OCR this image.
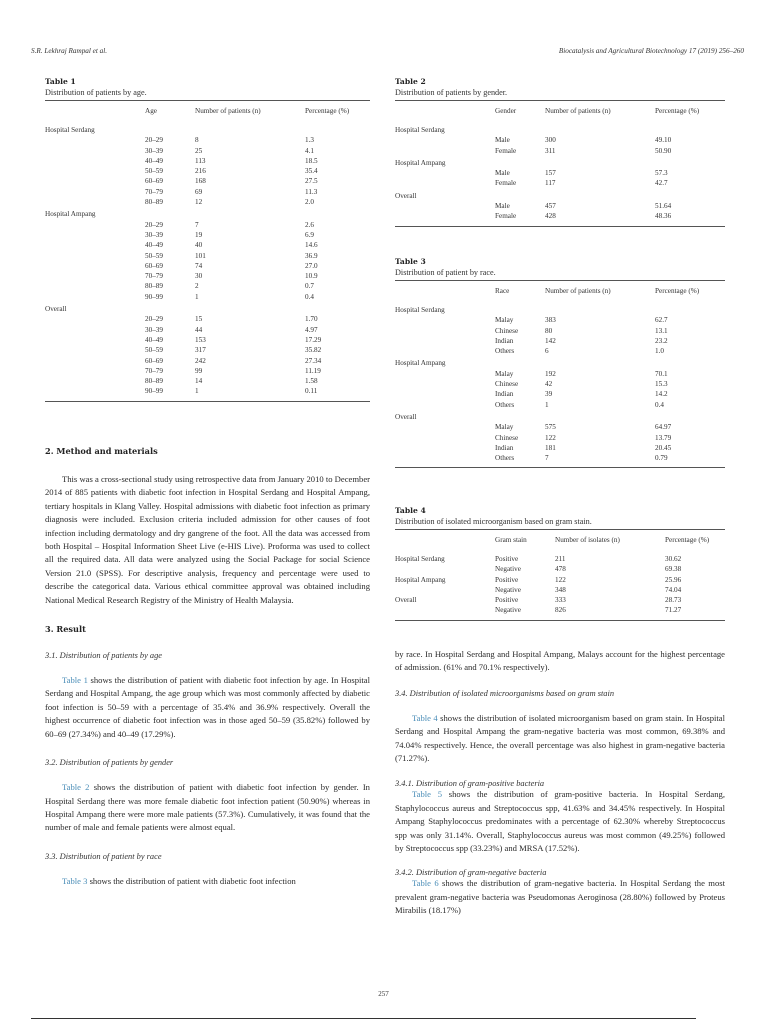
S.R. Lekhraj Rampal et al.	Biocatalysis and Agricultural Biotechnology 17 (2019) 256–260
Table 1
Distribution of patients by age.
	Age	Number of patients (n)	Percentage (%)
Hospital Serdang			
	20–29	8	1.3
	30–39	25	4.1
	40–49	113	18.5
	50–59	216	35.4
	60–69	168	27.5
	70–79	69	11.3
	80–89	12	2.0
Hospital Ampang			
	20–29	7	2.6
	30–39	19	6.9
	40–49	40	14.6
	50–59	101	36.9
	60–69	74	27.0
	70–79	30	10.9
	80–89	2	0.7
	90–99	1	0.4
Overall			
	20–29	15	1.70
	30–39	44	4.97
	40–49	153	17.29
	50–59	317	35.82
	60–69	242	27.34
	70–79	99	11.19
	80–89	14	1.58
	90–99	1	0.11
2. Method and materials

This was a cross-sectional study using retrospective data from January 2010 to December 2014 of 885 patients with diabetic foot infection in Hospital Serdang and Hospital Ampang, tertiary hospitals in Klang Valley. Hospital admissions with diabetic foot infection as primary diagnosis were included. Exclusion criteria included admission for other causes of foot infection including dermatology and dry gangrene of the foot. All the data was accessed from both Hospital – Hospital Information Sheet Live (e-HIS Live). Proforma was used to collect all the required data. All data were analyzed using the Social Package for social Science Version 21.0 (SPSS). For descriptive analysis, frequency and percentage were used to describe the categorical data. Various ethical committee approval was obtained including National Medical Research Registry of the Ministry of Health Malaysia.

3. Result
3.1. Distribution of patients by age

Table 1 shows the distribution of patient with diabetic foot infection by age. In Hospital Serdang and Hospital Ampang, the age group which was most commonly affected by diabetic foot infection is 50–59 with a percentage of 35.4% and 36.9% respectively. Overall the highest occurrence of diabetic foot infection was in those aged 50–59 (35.82%) followed by 60–69 (27.34%) and 40–49 (17.29%).

3.2. Distribution of patients by gender

Table 2 shows the distribution of patient with diabetic foot infection by gender. In Hospital Serdang there was more female diabetic foot infection patient (50.90%) whereas in Hospital Ampang there were more male patients (57.3%). Cumulatively, it was found that the number of male and female patients were almost equal.

3.3. Distribution of patient by race

Table 3 shows the distribution of patient with diabetic foot infection

Table 2
Distribution of patients by gender.
	Gender	Number of patients (n)	Percentage (%)
Hospital Serdang			
	Male	300	49.10
	Female	311	50.90
Hospital Ampang			
	Male	157	57.3
	Female	117	42.7
Overall			
	Male	457	51.64
	Female	428	48.36
Table 3
Distribution of patient by race.
	Race	Number of patients (n)	Percentage (%)
Hospital Serdang			
	Malay	383	62.7
	Chinese	80	13.1
	Indian	142	23.2
	Others	6	1.0
Hospital Ampang			
	Malay	192	70.1
	Chinese	42	15.3
	Indian	39	14.2
	Others	1	0.4
Overall			
	Malay	575	64.97
	Chinese	122	13.79
	Indian	181	20.45
	Others	7	0.79
Table 4
Distribution of isolated microorganism based on gram stain.
	Gram stain	Number of isolates (n)	Percentage (%)
Hospital Serdang	Positive	211	30.62
	Negative	478	69.38
Hospital Ampang	Positive	122	25.96
	Negative	348	74.04
Overall	Positive	333	28.73
	Negative	826	71.27

by race. In Hospital Serdang and Hospital Ampang, Malays account for the highest percentage of admission. (61% and 70.1% respectively).

3.4. Distribution of isolated microorganisms based on gram stain

Table 4 shows the distribution of isolated microorganism based on gram stain. In Hospital Serdang and Hospital Ampang the gram-negative bacteria was most common, 69.38% and 74.04% respectively. Hence, the overall percentage was also highest in gram-negative bacteria (71.27%).

3.4.1. Distribution of gram-positive bacteria

Table 5 shows the distribution of gram-positive bacteria. In Hospital Serdang, Staphylococcus aureus and Streptococcus spp, 41.63% and 34.45% respectively. In Hospital Ampang Staphylococcus predominates with a percentage of 62.30% whereby Streptococcus spp was only 31.14%. Overall, Staphylococcus aureus was most common (49.25%) followed by Streptococcus spp (33.23%) and MRSA (17.52%).

3.4.2. Distribution of gram-negative bacteria

Table 6 shows the distribution of gram-negative bacteria. In Hospital Serdang the most prevalent gram-negative bacteria was Pseudomonas Aeroginosa (28.80%) followed by Proteus Mirabilis (18.17%)

257
